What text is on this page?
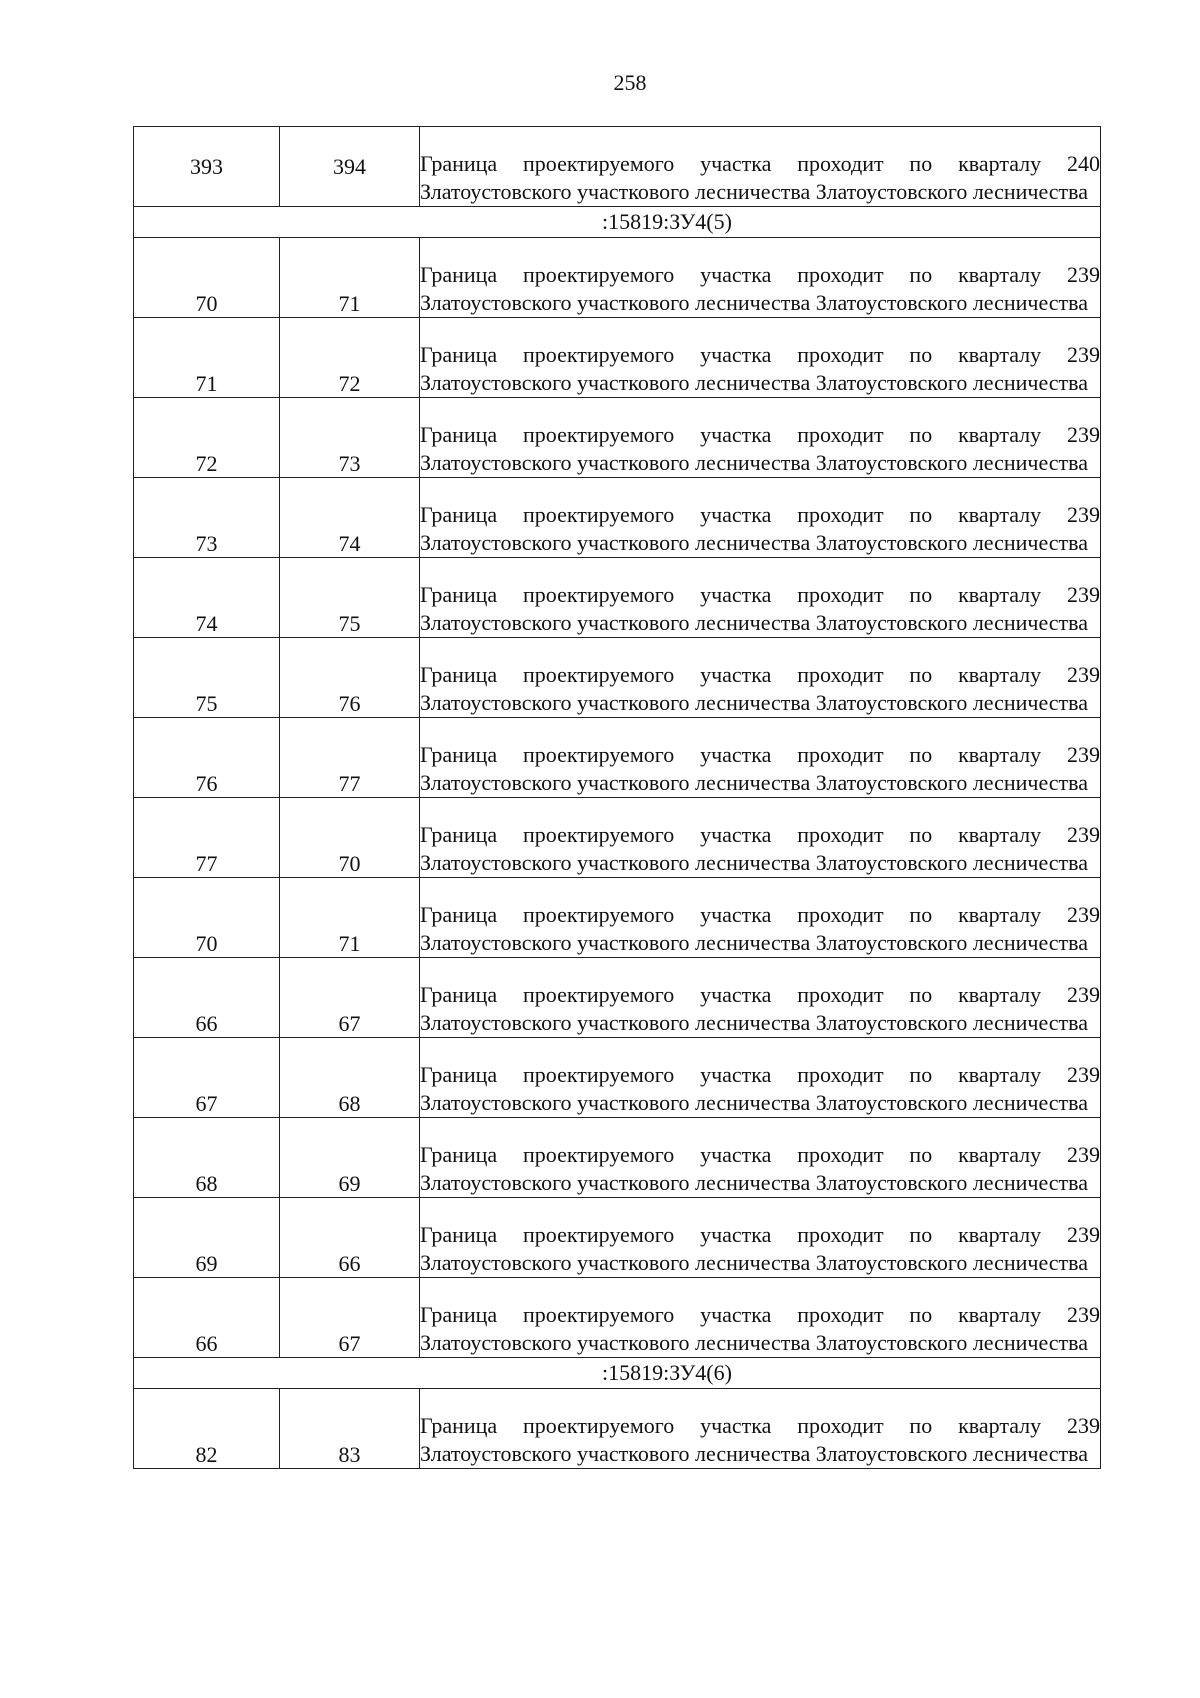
258
393	394	Граница проектируемого участка проходит по кварталу 240 Златоустовского участкового лесничества Златоустовского лесничества
:15819:ЗУ4(5)		
70	71	Граница проектируемого участка проходит по кварталу 239 Златоустовского участкового лесничества Златоустовского лесничества
71	72	Граница проектируемого участка проходит по кварталу 239 Златоустовского участкового лесничества Златоустовского лесничества
72	73	Граница проектируемого участка проходит по кварталу 239 Златоустовского участкового лесничества Златоустовского лесничества
73	74	Граница проектируемого участка проходит по кварталу 239 Златоустовского участкового лесничества Златоустовского лесничества
74	75	Граница проектируемого участка проходит по кварталу 239 Златоустовского участкового лесничества Златоустовского лесничества
75	76	Граница проектируемого участка проходит по кварталу 239 Златоустовского участкового лесничества Златоустовского лесничества
76	77	Граница проектируемого участка проходит по кварталу 239 Златоустовского участкового лесничества Златоустовского лесничества
77	70	Граница проектируемого участка проходит по кварталу 239 Златоустовского участкового лесничества Златоустовского лесничества
70	71	Граница проектируемого участка проходит по кварталу 239 Златоустовского участкового лесничества Златоустовского лесничества
66	67	Граница проектируемого участка проходит по кварталу 239 Златоустовского участкового лесничества Златоустовского лесничества
67	68	Граница проектируемого участка проходит по кварталу 239 Златоустовского участкового лесничества Златоустовского лесничества
68	69	Граница проектируемого участка проходит по кварталу 239 Златоустовского участкового лесничества Златоустовского лесничества
69	66	Граница проектируемого участка проходит по кварталу 239 Златоустовского участкового лесничества Златоустовского лесничества
66	67	Граница проектируемого участка проходит по кварталу 239 Златоустовского участкового лесничества Златоустовского лесничества
:15819:ЗУ4(6)		
82	83	Граница проектируемого участка проходит по кварталу 239 Златоустовского участкового лесничества Златоустовского лесничества
